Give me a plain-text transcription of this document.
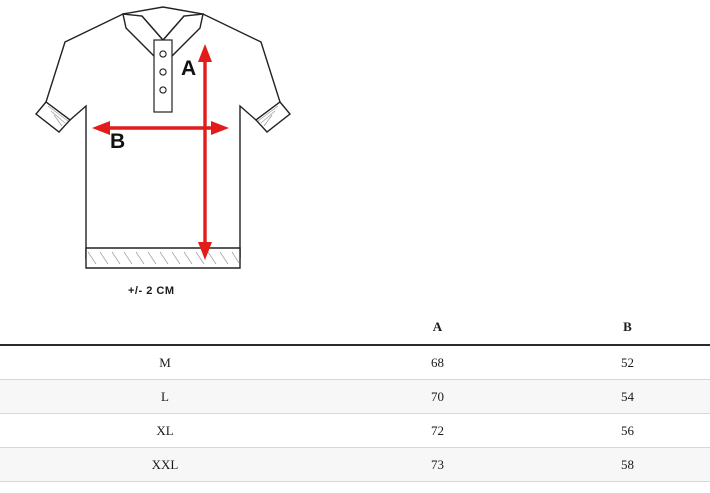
A
B
+/- 2 CM
	A	B
M	68	52
L	70	54
XL	72	56
XXL	73	58
